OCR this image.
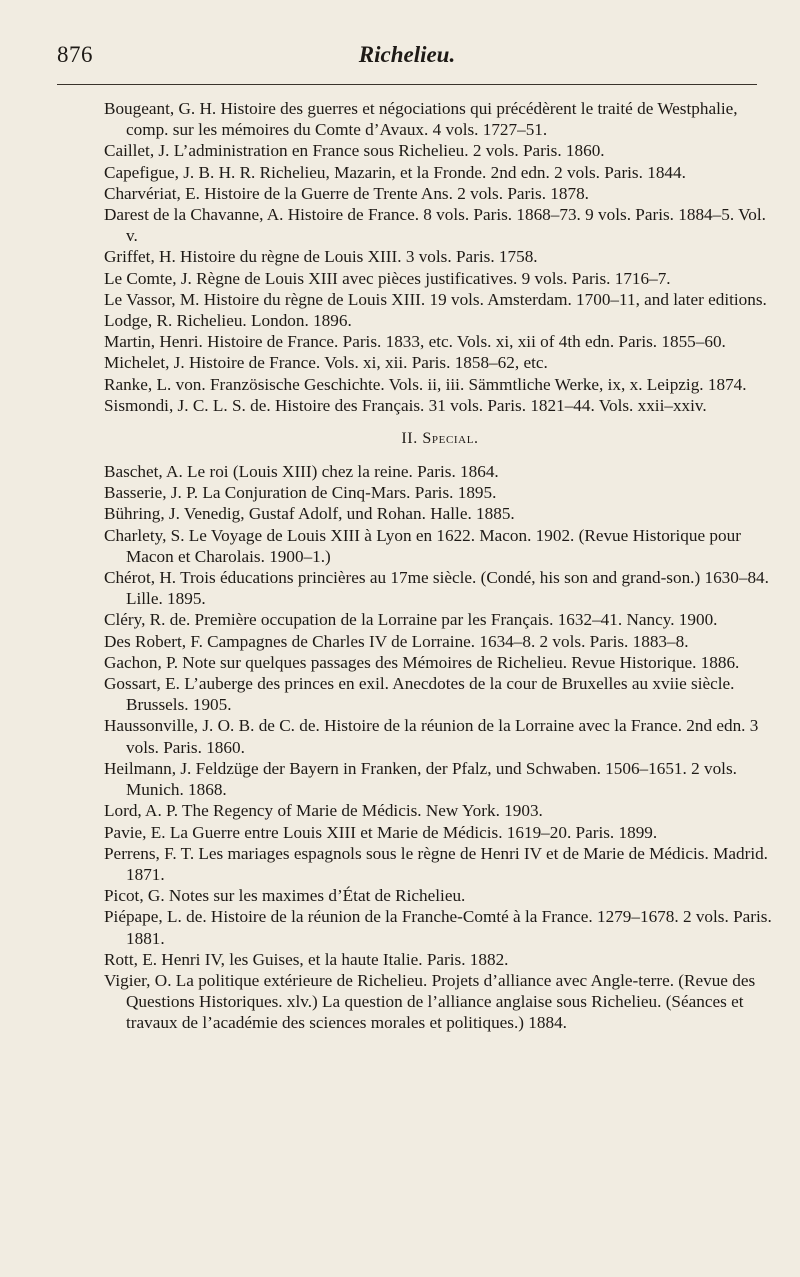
876	Richelieu.

Bougeant, G. H. Histoire des guerres et négociations qui précédèrent le traité de Westphalie, comp. sur les mémoires du Comte d’Avaux. 4 vols. 1727–51.

Caillet, J. L’administration en France sous Richelieu. 2 vols. Paris. 1860.

Capefigue, J. B. H. R. Richelieu, Mazarin, et la Fronde. 2nd edn. 2 vols. Paris. 1844.

Charvériat, E. Histoire de la Guerre de Trente Ans. 2 vols. Paris. 1878.

Darest de la Chavanne, A. Histoire de France. 8 vols. Paris. 1868–73. 9 vols. Paris. 1884–5. Vol. v.

Griffet, H. Histoire du règne de Louis XIII. 3 vols. Paris. 1758.

Le Comte, J. Règne de Louis XIII avec pièces justificatives. 9 vols. Paris. 1716–7.

Le Vassor, M. Histoire du règne de Louis XIII. 19 vols. Amsterdam. 1700–11, and later editions.

Lodge, R. Richelieu. London. 1896.

Martin, Henri. Histoire de France. Paris. 1833, etc. Vols. xi, xii of 4th edn. Paris. 1855–60.

Michelet, J. Histoire de France. Vols. xi, xii. Paris. 1858–62, etc.

Ranke, L. von. Französische Geschichte. Vols. ii, iii. Sämmtliche Werke, ix, x. Leipzig. 1874.

Sismondi, J. C. L. S. de. Histoire des Français. 31 vols. Paris. 1821–44. Vols. xxii–xxiv.

II. Special.

Baschet, A. Le roi (Louis XIII) chez la reine. Paris. 1864.

Basserie, J. P. La Conjuration de Cinq-Mars. Paris. 1895.

Bühring, J. Venedig, Gustaf Adolf, und Rohan. Halle. 1885.

Charlety, S. Le Voyage de Louis XIII à Lyon en 1622. Macon. 1902. (Revue Historique pour Macon et Charolais. 1900–1.)

Chérot, H. Trois éducations princières au 17me siècle. (Condé, his son and grand-son.) 1630–84. Lille. 1895.

Cléry, R. de. Première occupation de la Lorraine par les Français. 1632–41. Nancy. 1900.

Des Robert, F. Campagnes de Charles IV de Lorraine. 1634–8. 2 vols. Paris. 1883–8.

Gachon, P. Note sur quelques passages des Mémoires de Richelieu. Revue Historique. 1886.

Gossart, E. L’auberge des princes en exil. Anecdotes de la cour de Bruxelles au xviie siècle. Brussels. 1905.

Haussonville, J. O. B. de C. de. Histoire de la réunion de la Lorraine avec la France. 2nd edn. 3 vols. Paris. 1860.

Heilmann, J. Feldzüge der Bayern in Franken, der Pfalz, und Schwaben. 1506–1651. 2 vols. Munich. 1868.

Lord, A. P. The Regency of Marie de Médicis. New York. 1903.

Pavie, E. La Guerre entre Louis XIII et Marie de Médicis. 1619–20. Paris. 1899.

Perrens, F. T. Les mariages espagnols sous le règne de Henri IV et de Marie de Médicis. Madrid. 1871.

Picot, G. Notes sur les maximes d’État de Richelieu.

Piépape, L. de. Histoire de la réunion de la Franche-Comté à la France. 1279–1678. 2 vols. Paris. 1881.

Rott, E. Henri IV, les Guises, et la haute Italie. Paris. 1882.

Vigier, O. La politique extérieure de Richelieu. Projets d’alliance avec Angle-terre. (Revue des Questions Historiques. xlv.) La question de l’alliance anglaise sous Richelieu. (Séances et travaux de l’académie des sciences morales et politiques.) 1884.
